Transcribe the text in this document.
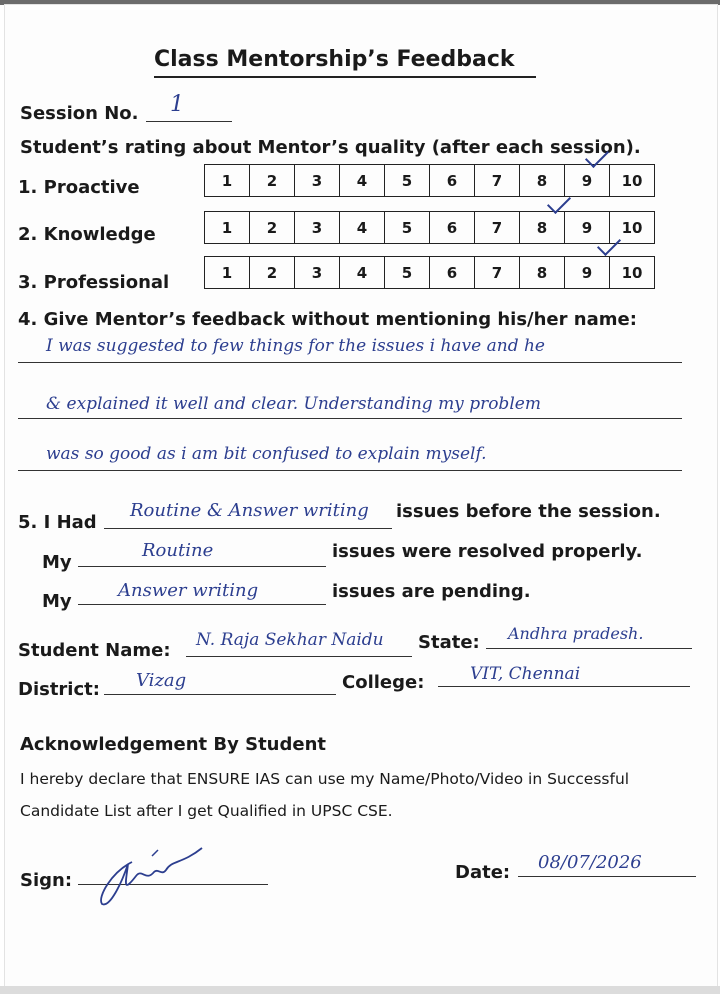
Class Mentorship’s Feedback
Session No. 1
Student’s rating about Mentor’s quality (after each session).
1. Proactive	1	2	3	4	5	6	7	8	9	10
2. Knowledge	1	2	3	4	5	6	7	8	9	10
3. Professional	1	2	3	4	5	6	7	8	9	10
4. Give Mentor’s feedback without mentioning his/her name:
I was suggested to few things for the issues i have and he
& explained it well and clear. Understanding my problem
was so good as i am bit confused to explain myself.
5. I Had
Routine & Answer writing issues before the session.
My
Routine	issues were resolved properly.
My
Answer writing	issues are pending.
Student Name: N. Raja Sekhar Naidu State: Andhra pradesh.
District: Vizag	College:	VIT, Chennai
Acknowledgement By Student
I hereby declare that ENSURE IAS can use my Name/Photo/Video in Successful
Candidate List after I get Qualified in UPSC CSE.
Sign:	Date: 08/07/2026
